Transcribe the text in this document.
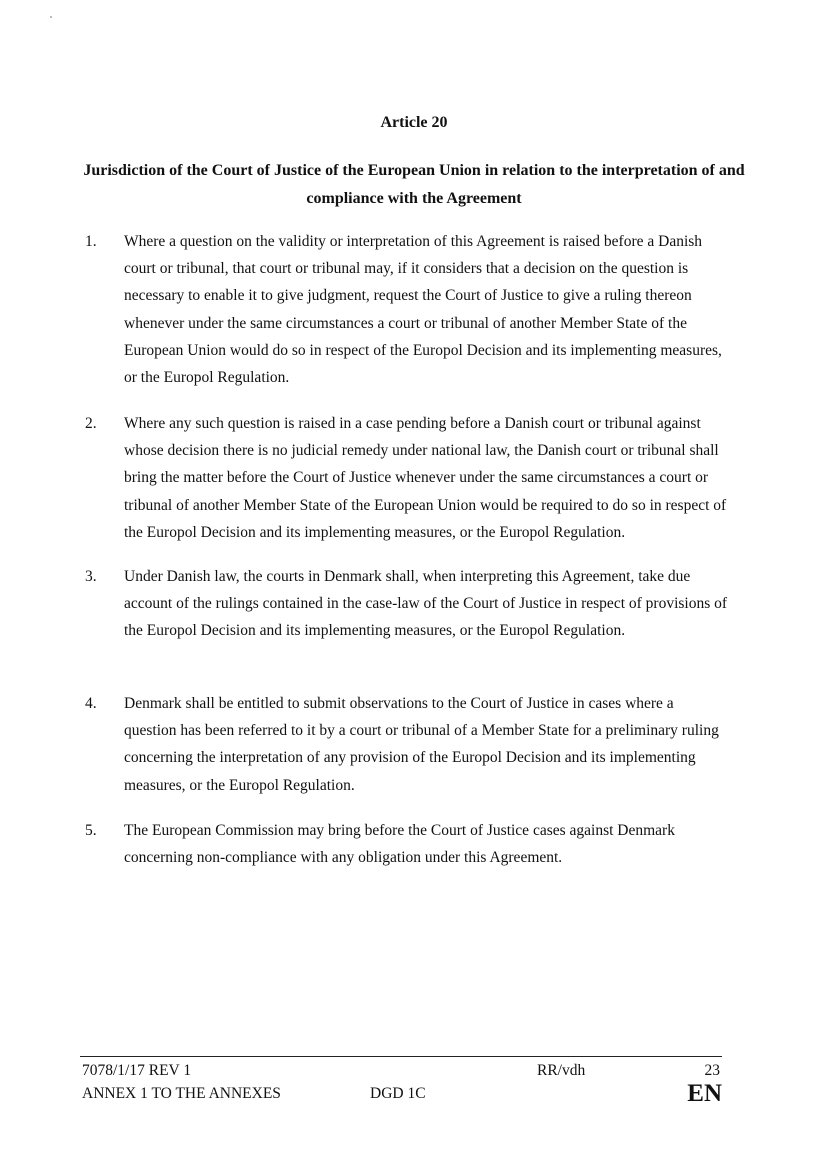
Article 20
Jurisdiction of the Court of Justice of the European Union in relation to the interpretation of and compliance with the Agreement
1. Where a question on the validity or interpretation of this Agreement is raised before a Danish court or tribunal, that court or tribunal may, if it considers that a decision on the question is necessary to enable it to give judgment, request the Court of Justice to give a ruling thereon whenever under the same circumstances a court or tribunal of another Member State of the European Union would do so in respect of the Europol Decision and its implementing measures, or the Europol Regulation.
2. Where any such question is raised in a case pending before a Danish court or tribunal against whose decision there is no judicial remedy under national law, the Danish court or tribunal shall bring the matter before the Court of Justice whenever under the same circumstances a court or tribunal of another Member State of the European Union would be required to do so in respect of the Europol Decision and its implementing measures, or the Europol Regulation.
3. Under Danish law, the courts in Denmark shall, when interpreting this Agreement, take due account of the rulings contained in the case-law of the Court of Justice in respect of provisions of the Europol Decision and its implementing measures, or the Europol Regulation.
4. Denmark shall be entitled to submit observations to the Court of Justice in cases where a question has been referred to it by a court or tribunal of a Member State for a preliminary ruling concerning the interpretation of any provision of the Europol Decision and its implementing measures, or the Europol Regulation.
5. The European Commission may bring before the Court of Justice cases against Denmark concerning non-compliance with any obligation under this Agreement.
7078/1/17 REV 1
ANNEX 1 TO THE ANNEXES	DGD 1C
RR/vdh	23
EN
